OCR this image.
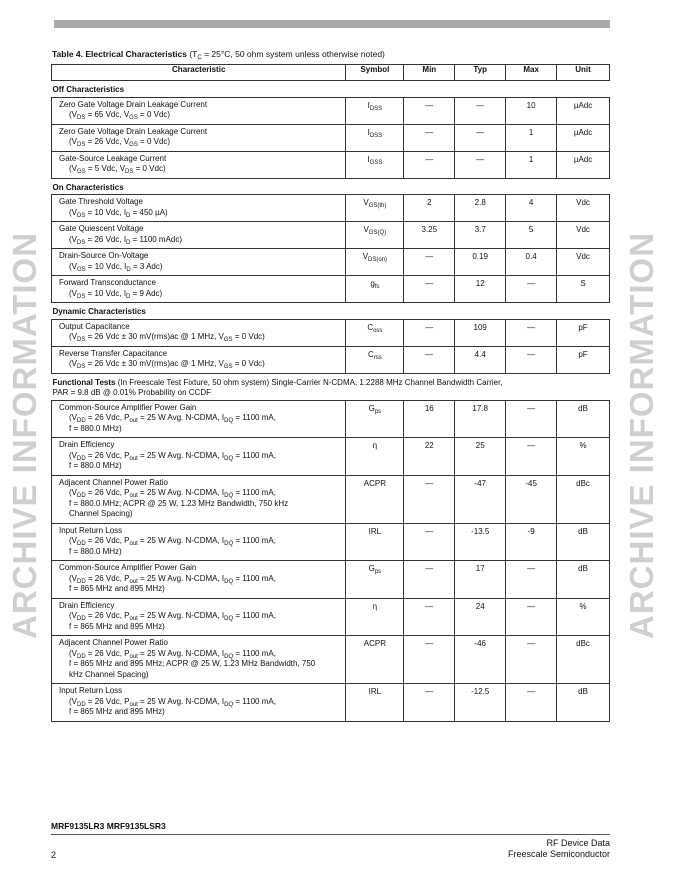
Table 4. Electrical Characteristics ($T_C = 25^\circ C$, 50 ohm system unless otherwise noted)
ARCHIVE INFORMATION	ARCHIVE INFORMATION
Characteristic	Symbol	Min	Typ	Max	Unit
Off Characteristics					
Zero Gate Voltage Drain Leakage Current
($V_{DS} = 65$ Vdc, $V_{GS} = 0$ Vdc)	$I_{DSS}$	—	—	10	µAdc
Zero Gate Voltage Drain Leakage Current
($V_{DS} = 26$ Vdc, $V_{GS} = 0$ Vdc)	$I_{DSS}$	—	—	1	µAdc
Gate-Source Leakage Current
($V_{GS} = 5$ Vdc, $V_{DS} = 0$ Vdc)	$I_{GSS}$	—	—	1	µAdc
On Characteristics					
Gate Threshold Voltage
($V_{DS} = 10$ Vdc, $I_D = 450$ µA)	$V_{GS(th)}$	2	2.8	4	Vdc
Gate Quiescent Voltage
($V_{DS} = 26$ Vdc, $I_D = 1100$ mAdc)	$V_{GS(Q)}$	3.25	3.7	5	Vdc
Drain-Source On-Voltage
($V_{GS} = 10$ Vdc, $I_D = 3$ Adc)	$V_{DS(on)}$	—	0.19	0.4	Vdc
Forward Transconductance
($V_{DS} = 10$ Vdc, $I_D = 9$ Adc)	$g_{fs}$	—	12	—	S
Dynamic Characteristics					
Output Capacitance
($V_{DS} = 26$ Vdc ± 30 mV(rms)ac @ 1 MHz, $V_{GS} = 0$ Vdc)	$C_{oss}$	—	109	—	pF
Reverse Transfer Capacitance
($V_{DS} = 26$ Vdc ± 30 mV(rms)ac @ 1 MHz, $V_{GS} = 0$ Vdc)	$C_{rss}$	—	4.4	—	pF
Functional Tests (In Freescale Test Fixture, 50 ohm system) Single-Carrier N-CDMA, 1.2288 MHz Channel Bandwidth Carrier,
PAR = 9.8 dB @ 0.01% Probability on CCDF					
Common-Source Amplifier Power Gain
($V_{DD} = 26$ Vdc, $P_{out} = 25$ W Avg. N-CDMA, $I_{DQ} = 1100$ mA,
f = 880.0 MHz)	$G_{ps}$	16	17.8	—	dB
Drain Efficiency
($V_{DD} = 26$ Vdc, $P_{out} = 25$ W Avg. N-CDMA, $I_{DQ} = 1100$ mA,
f = 880.0 MHz)	η	22	25	—	%
Adjacent Channel Power Ratio
($V_{DD} = 26$ Vdc, $P_{out} = 25$ W Avg. N-CDMA, $I_{DQ} = 1100$ mA,
f = 880.0 MHz; ACPR @ 25 W, 1.23 MHz Bandwidth, 750 kHz
Channel Spacing)	ACPR	—	-47	-45	dBc
Input Return Loss
($V_{DD} = 26$ Vdc, $P_{out} = 25$ W Avg. N-CDMA, $I_{DQ} = 1100$ mA,
f = 880.0 MHz)	IRL	—	-13.5	-9	dB
Common-Source Amplifier Power Gain
($V_{DD} = 26$ Vdc, $P_{out} = 25$ W Avg. N-CDMA, $I_{DQ} = 1100$ mA,
f = 865 MHz and 895 MHz)	$G_{ps}$	—	17	—	dB
Drain Efficiency
($V_{DD} = 26$ Vdc, $P_{out} = 25$ W Avg. N-CDMA, $I_{DQ} = 1100$ mA,
f = 865 MHz and 895 MHz)	η	—	24	—	%
Adjacent Channel Power Ratio
($V_{DD} = 26$ Vdc, $P_{out} = 25$ W Avg. N-CDMA, $I_{DQ} = 1100$ mA,
f = 865 MHz and 895 MHz; ACPR @ 25 W, 1.23 MHz Bandwidth, 750
kHz Channel Spacing)	ACPR	—	-46	—	dBc
Input Return Loss
($V_{DD} = 26$ Vdc, $P_{out} = 25$ W Avg. N-CDMA, $I_{DQ} = 1100$ mA,
f = 865 MHz and 895 MHz)	IRL	—	-12.5	—	dB
MRF9135LR3 MRF9135LSR3
2
RF Device Data
Freescale Semiconductor
